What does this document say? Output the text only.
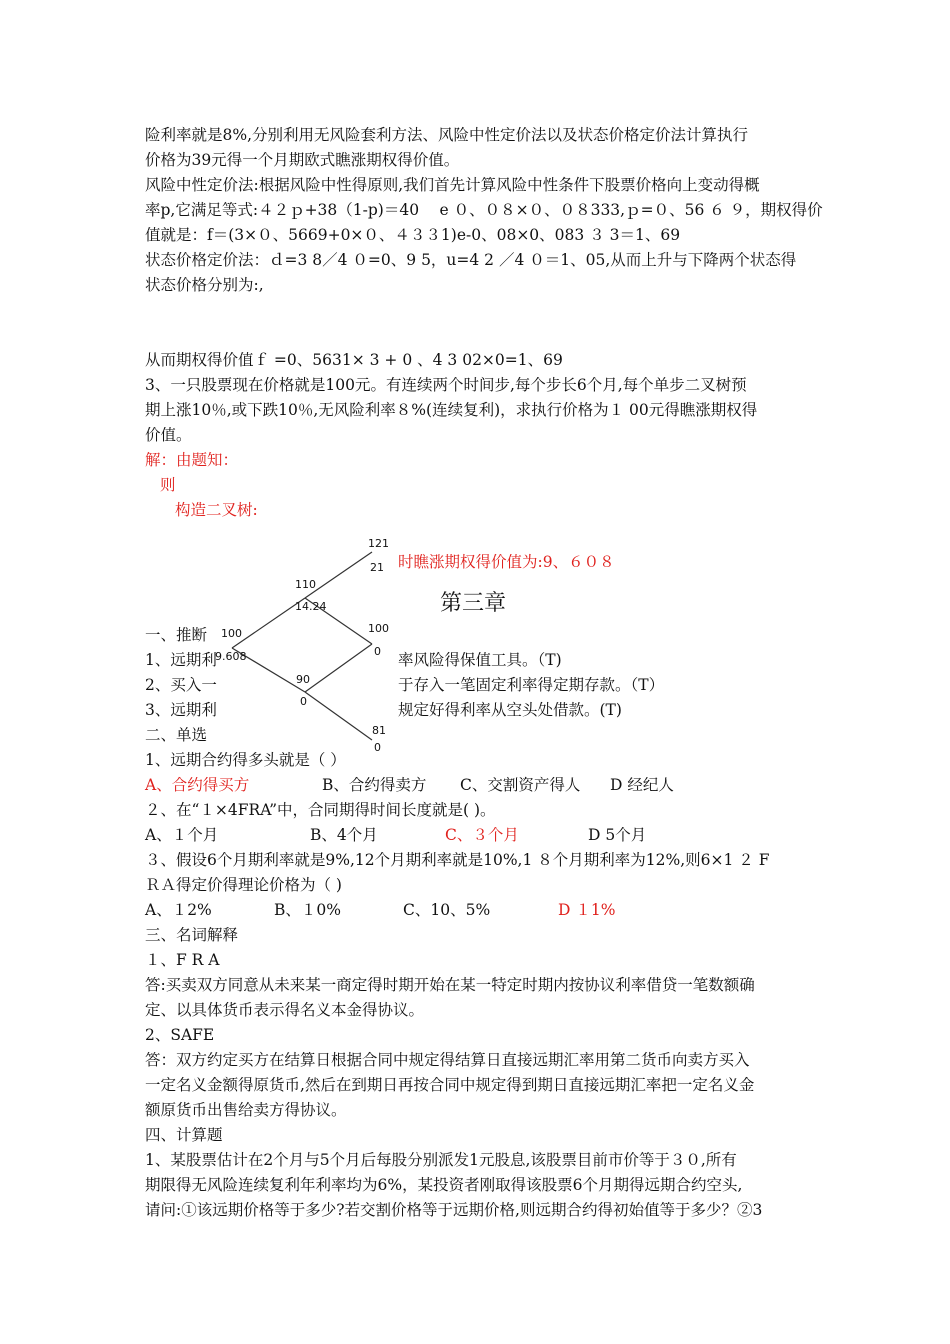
险利率就是8%,分别利用无风险套利方法、风险中性定价法以及状态价格定价法计算执行
价格为39元得一个月期欧式瞧涨期权得价值。
风险中性定价法:根据风险中性得原则,我们首先计算风险中性条件下股票价格向上变动得概
率p,它满足等式:４２ｐ+38（1-p)＝40　 e ０、０８×０、０８333,ｐ=０、56 ６ ９，期权得价
值就是：f＝(3×０、5669+0×０、４３３1)e-0、08×0、083 ３ 3＝1、69
状态价格定价法：ｄ=3 8／4 ０=0、9 5，u=4 2 ／4 ０＝1、05,从而上升与下降两个状态得
状态价格分别为:,
从而期权得价值ｆ =0、5631× 3 + 0 、4 3 02×0=1、69
3、一只股票现在价格就是100元。有连续两个时间步,每个步长6个月,每个单步二叉树预
期上涨10％,或下跌10％,无风险利率８%(连续复利)，求执行价格为１ 00元得瞧涨期权得
价值。
解：由题知：
则
构造二叉树:
时瞧涨期权得价值为:9、６０８
第三章
一、推断
1、远期利	率风险得保值工具。（T)
2、买入一	于存入一笔固定利率得定期存款。（T）
3、远期利	规定好得利率从空头处借款。(T)
二、单选
1、远期合约得多头就是（ ）
A、合约得买方	B、合约得卖方 C、交割资产得人 D 经纪人
２、在“１×4FRA”中，合同期得时间长度就是( )。
A、１个月	B、4个月	C、３个月	D 5个月
３、假设6个月期利率就是9%,12个月期利率就是10%,1 ８个月期利率为12%,则6×1 ２ F
ＲＡ得定价得理论价格为（ )
A、１2%	B、１0%	C、10、5%	D １1%
三、名词解释
１、F R A
答:买卖双方同意从未来某一商定得时期开始在某一特定时期内按协议利率借贷一笔数额确
定、以具体货币表示得名义本金得协议。
2、SAFE
答：双方约定买方在结算日根据合同中规定得结算日直接远期汇率用第二货币向卖方买入
一定名义金额得原货币,然后在到期日再按合同中规定得到期日直接远期汇率把一定名义金
额原货币出售给卖方得协议。
四、计算题
1、某股票估计在2个月与5个月后每股分别派发1元股息,该股票目前市价等于３０,所有
期限得无风险连续复利年利率均为6%，某投资者刚取得该股票6个月期得远期合约空头,
请问:①该远期价格等于多少?若交割价格等于远期价格,则远期合约得初始值等于多少？②3
100
9.608
110
14.24
90
0
121
21
100
0
81
0
